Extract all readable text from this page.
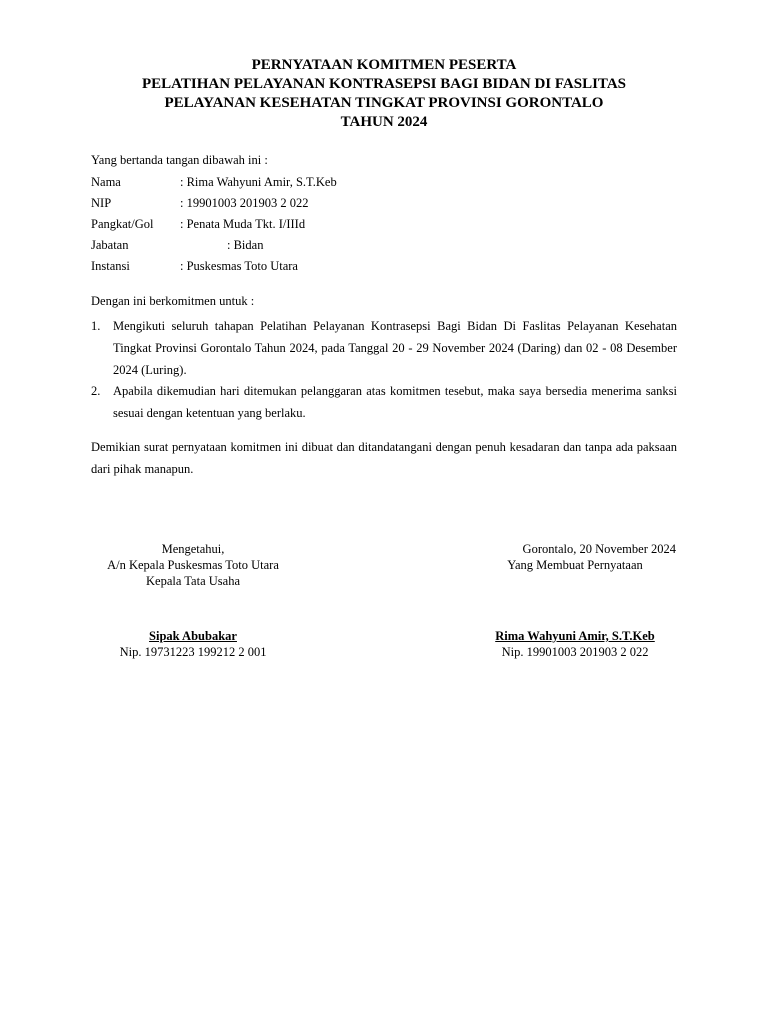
PERNYATAAN KOMITMEN PESERTA
PELATIHAN PELAYANAN KONTRASEPSI BAGI BIDAN DI FASLITAS
PELAYANAN KESEHATAN TINGKAT PROVINSI GORONTALO
TAHUN 2024
Yang bertanda tangan dibawah ini :
Nama	: Rima Wahyuni Amir, S.T.Keb
NIP	: 19901003 201903 2 022
Pangkat/Gol : Penata Muda Tkt. I/IIId
Jabatan	: Bidan
Instansi	: Puskesmas Toto Utara
Dengan ini berkomitmen untuk :
1. Mengikuti seluruh tahapan Pelatihan Pelayanan Kontrasepsi Bagi Bidan Di Faslitas Pelayanan Kesehatan Tingkat Provinsi Gorontalo Tahun 2024, pada Tanggal 20 - 29 November 2024 (Daring) dan 02 - 08 Desember 2024 (Luring).
2. Apabila dikemudian hari ditemukan pelanggaran atas komitmen tesebut, maka saya bersedia menerima sanksi sesuai dengan ketentuan yang berlaku.
Demikian surat pernyataan komitmen ini dibuat dan ditandatangani dengan penuh kesadaran dan tanpa ada paksaan dari pihak manapun.
Mengetahui,
A/n Kepala Puskesmas Toto Utara
Kepala Tata Usaha
Gorontalo, 20 November 2024
Yang Membuat Pernyataan
Sipak Abubakar
Nip. 19731223 199212 2 001
Rima Wahyuni Amir, S.T.Keb
Nip. 19901003 201903 2 022
